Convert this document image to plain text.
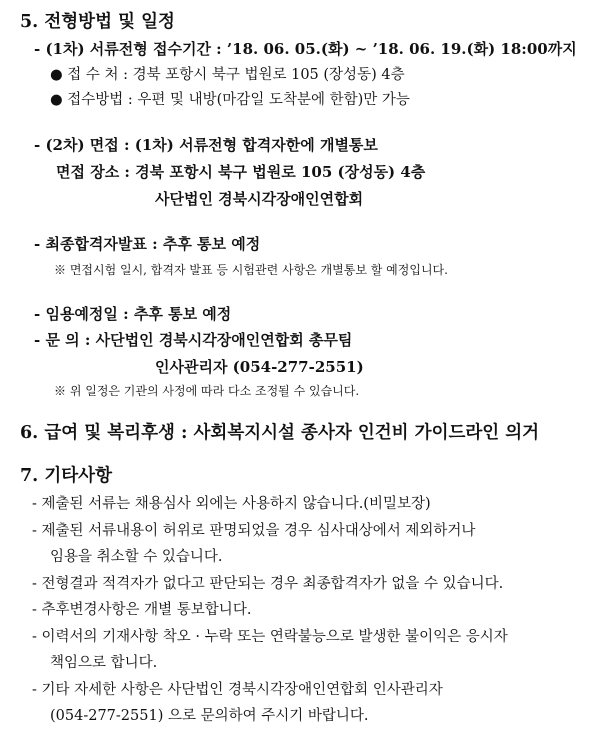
5. 전형방법 및 일정
- (1차) 서류전형 접수기간 : ’18. 06. 05.(화) ~ ’18. 06. 19.(화) 18:00까지
● 접 수 처 : 경북 포항시 북구 법원로 105 (장성동) 4층
● 접수방법 : 우편 및 내방(마감일 도착분에 한함)만 가능
- (2차) 면접 : (1차) 서류전형 합격자한에 개별통보
면접 장소 : 경북 포항시 북구 법원로 105 (장성동) 4층
사단법인 경북시각장애인연합회
- 최종합격자발표 : 추후 통보 예정
※ 면접시험 일시, 합격자 발표 등 시험관련 사항은 개별통보 할 예정입니다.
- 임용예정일 : 추후 통보 예정
- 문 의 : 사단법인 경북시각장애인연합회 총무팀
인사관리자 (054-277-2551)
※ 위 일정은 기관의 사정에 따라 다소 조정될 수 있습니다.
6. 급여 및 복리후생 : 사회복지시설 종사자 인건비 가이드라인 의거
7. 기타사항
- 제출된 서류는 채용심사 외에는 사용하지 않습니다.(비밀보장)
- 제출된 서류내용이 허위로 판명되었을 경우 심사대상에서 제외하거나
임용을 취소할 수 있습니다.
- 전형결과 적격자가 없다고 판단되는 경우 최종합격자가 없을 수 있습니다.
- 추후변경사항은 개별 통보합니다.
- 이력서의 기재사항 착오 · 누락 또는 연락불능으로 발생한 불이익은 응시자
책임으로 합니다.
- 기타 자세한 사항은 사단법인 경북시각장애인연합회 인사관리자
(054-277-2551) 으로 문의하여 주시기 바랍니다.
